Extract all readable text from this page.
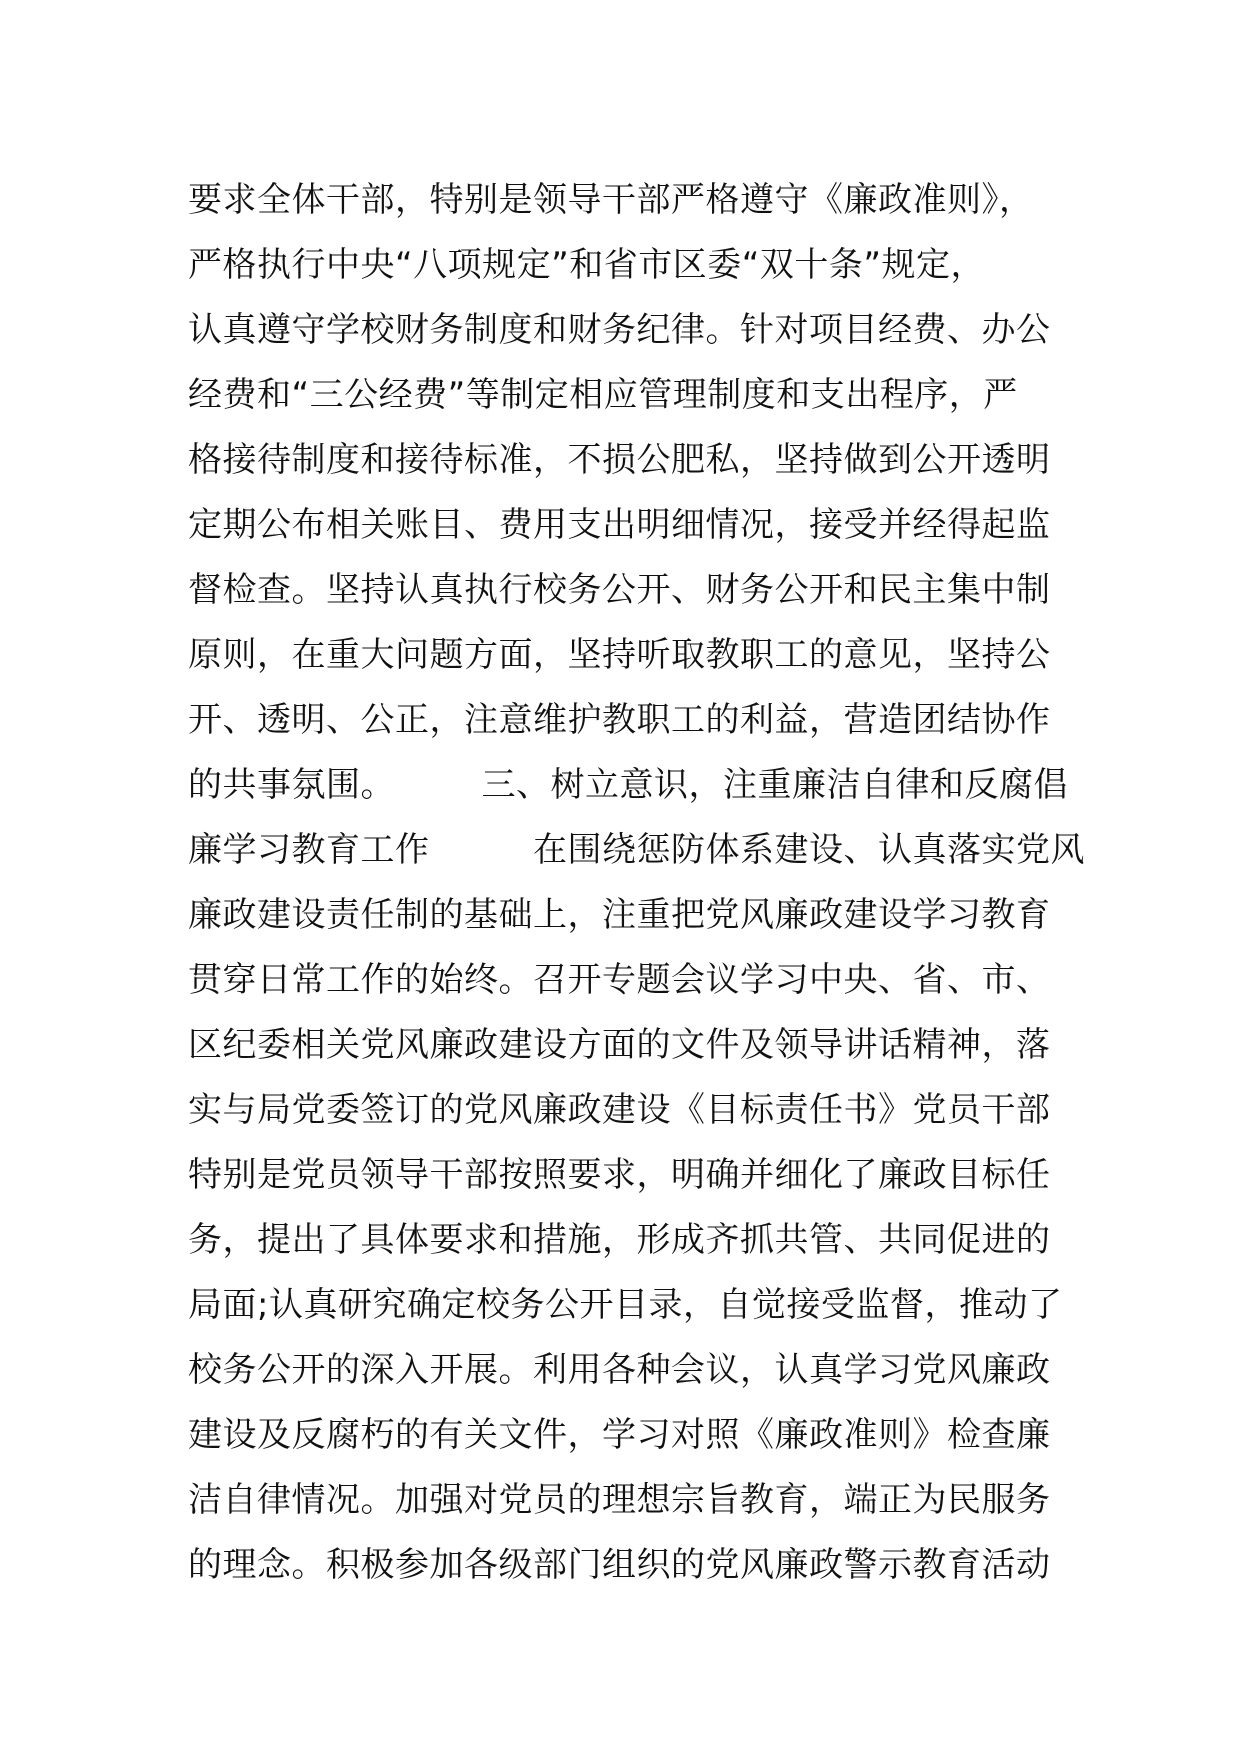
要求全体干部，特别是领导干部严格遵守《廉政准则》，
严格执行中央“八项规定”和省市区委“双十条”规定，
认真遵守学校财务制度和财务纪律。针对项目经费、办公
经费和“三公经费”等制定相应管理制度和支出程序，严
格接待制度和接待标准，不损公肥私，坚持做到公开透明
定期公布相关账目、费用支出明细情况，接受并经得起监
督检查。坚持认真执行校务公开、财务公开和民主集中制
原则，在重大问题方面，坚持听取教职工的意见，坚持公
开、透明、公正，注意维护教职工的利益，营造团结协作
的共事氛围。　　　三、树立意识，注重廉洁自律和反腐倡
廉学习教育工作　　　在围绕惩防体系建设、认真落实党风
廉政建设责任制的基础上，注重把党风廉政建设学习教育
贯穿日常工作的始终。召开专题会议学习中央、省、市、
区纪委相关党风廉政建设方面的文件及领导讲话精神，落
实与局党委签订的党风廉政建设《目标责任书》党员干部
特别是党员领导干部按照要求，明确并细化了廉政目标任
务，提出了具体要求和措施，形成齐抓共管、共同促进的
局面;认真研究确定校务公开目录，自觉接受监督，推动了
校务公开的深入开展。利用各种会议，认真学习党风廉政
建设及反腐朽的有关文件，学习对照《廉政准则》检查廉
洁自律情况。加强对党员的理想宗旨教育，端正为民服务
的理念。积极参加各级部门组织的党风廉政警示教育活动
